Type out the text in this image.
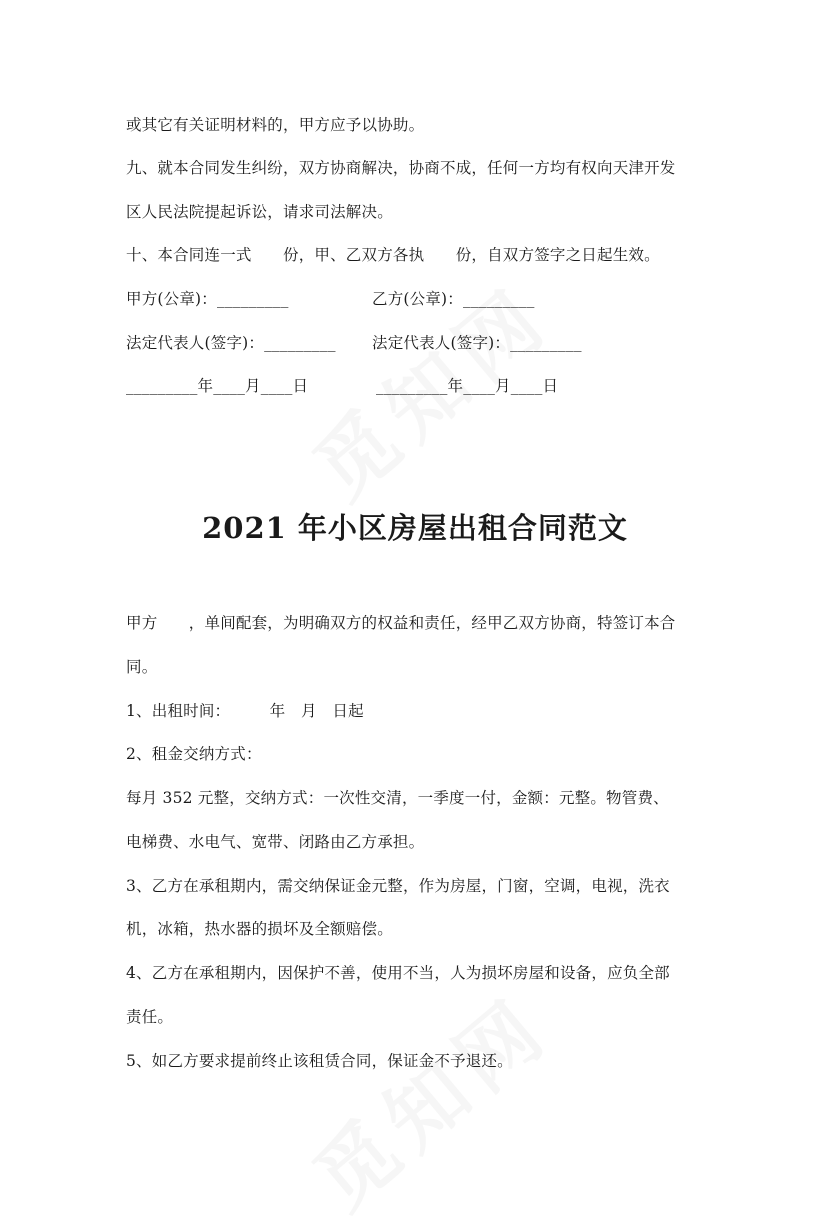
或其它有关证明材料的，甲方应予以协助。
九、就本合同发生纠纷，双方协商解决，协商不成，任何一方均有权向天津开发
区人民法院提起诉讼，请求司法解决。
十、本合同连一式　　份，甲、乙双方各执　　份，自双方签字之日起生效。
甲方(公章)：_________	乙方(公章)：_________
法定代表人(签字)：_________	法定代表人(签字)：_________
_________年____月____日	_________年____月____日
2021 年小区房屋出租合同范文
甲方　　，单间配套，为明确双方的权益和责任，经甲乙双方协商，特签订本合
同。
1、出租时间：　　　年　月　日起
2、租金交纳方式：
每月 352 元整，交纳方式：一次性交清，一季度一付，金额：元整。物管费、
电梯费、水电气、宽带、闭路由乙方承担。
3、乙方在承租期内，需交纳保证金元整，作为房屋，门窗，空调，电视，洗衣
机，冰箱，热水器的损坏及全额赔偿。
4、乙方在承租期内，因保护不善，使用不当，人为损坏房屋和设备，应负全部
责任。
5、如乙方要求提前终止该租赁合同，保证金不予退还。
